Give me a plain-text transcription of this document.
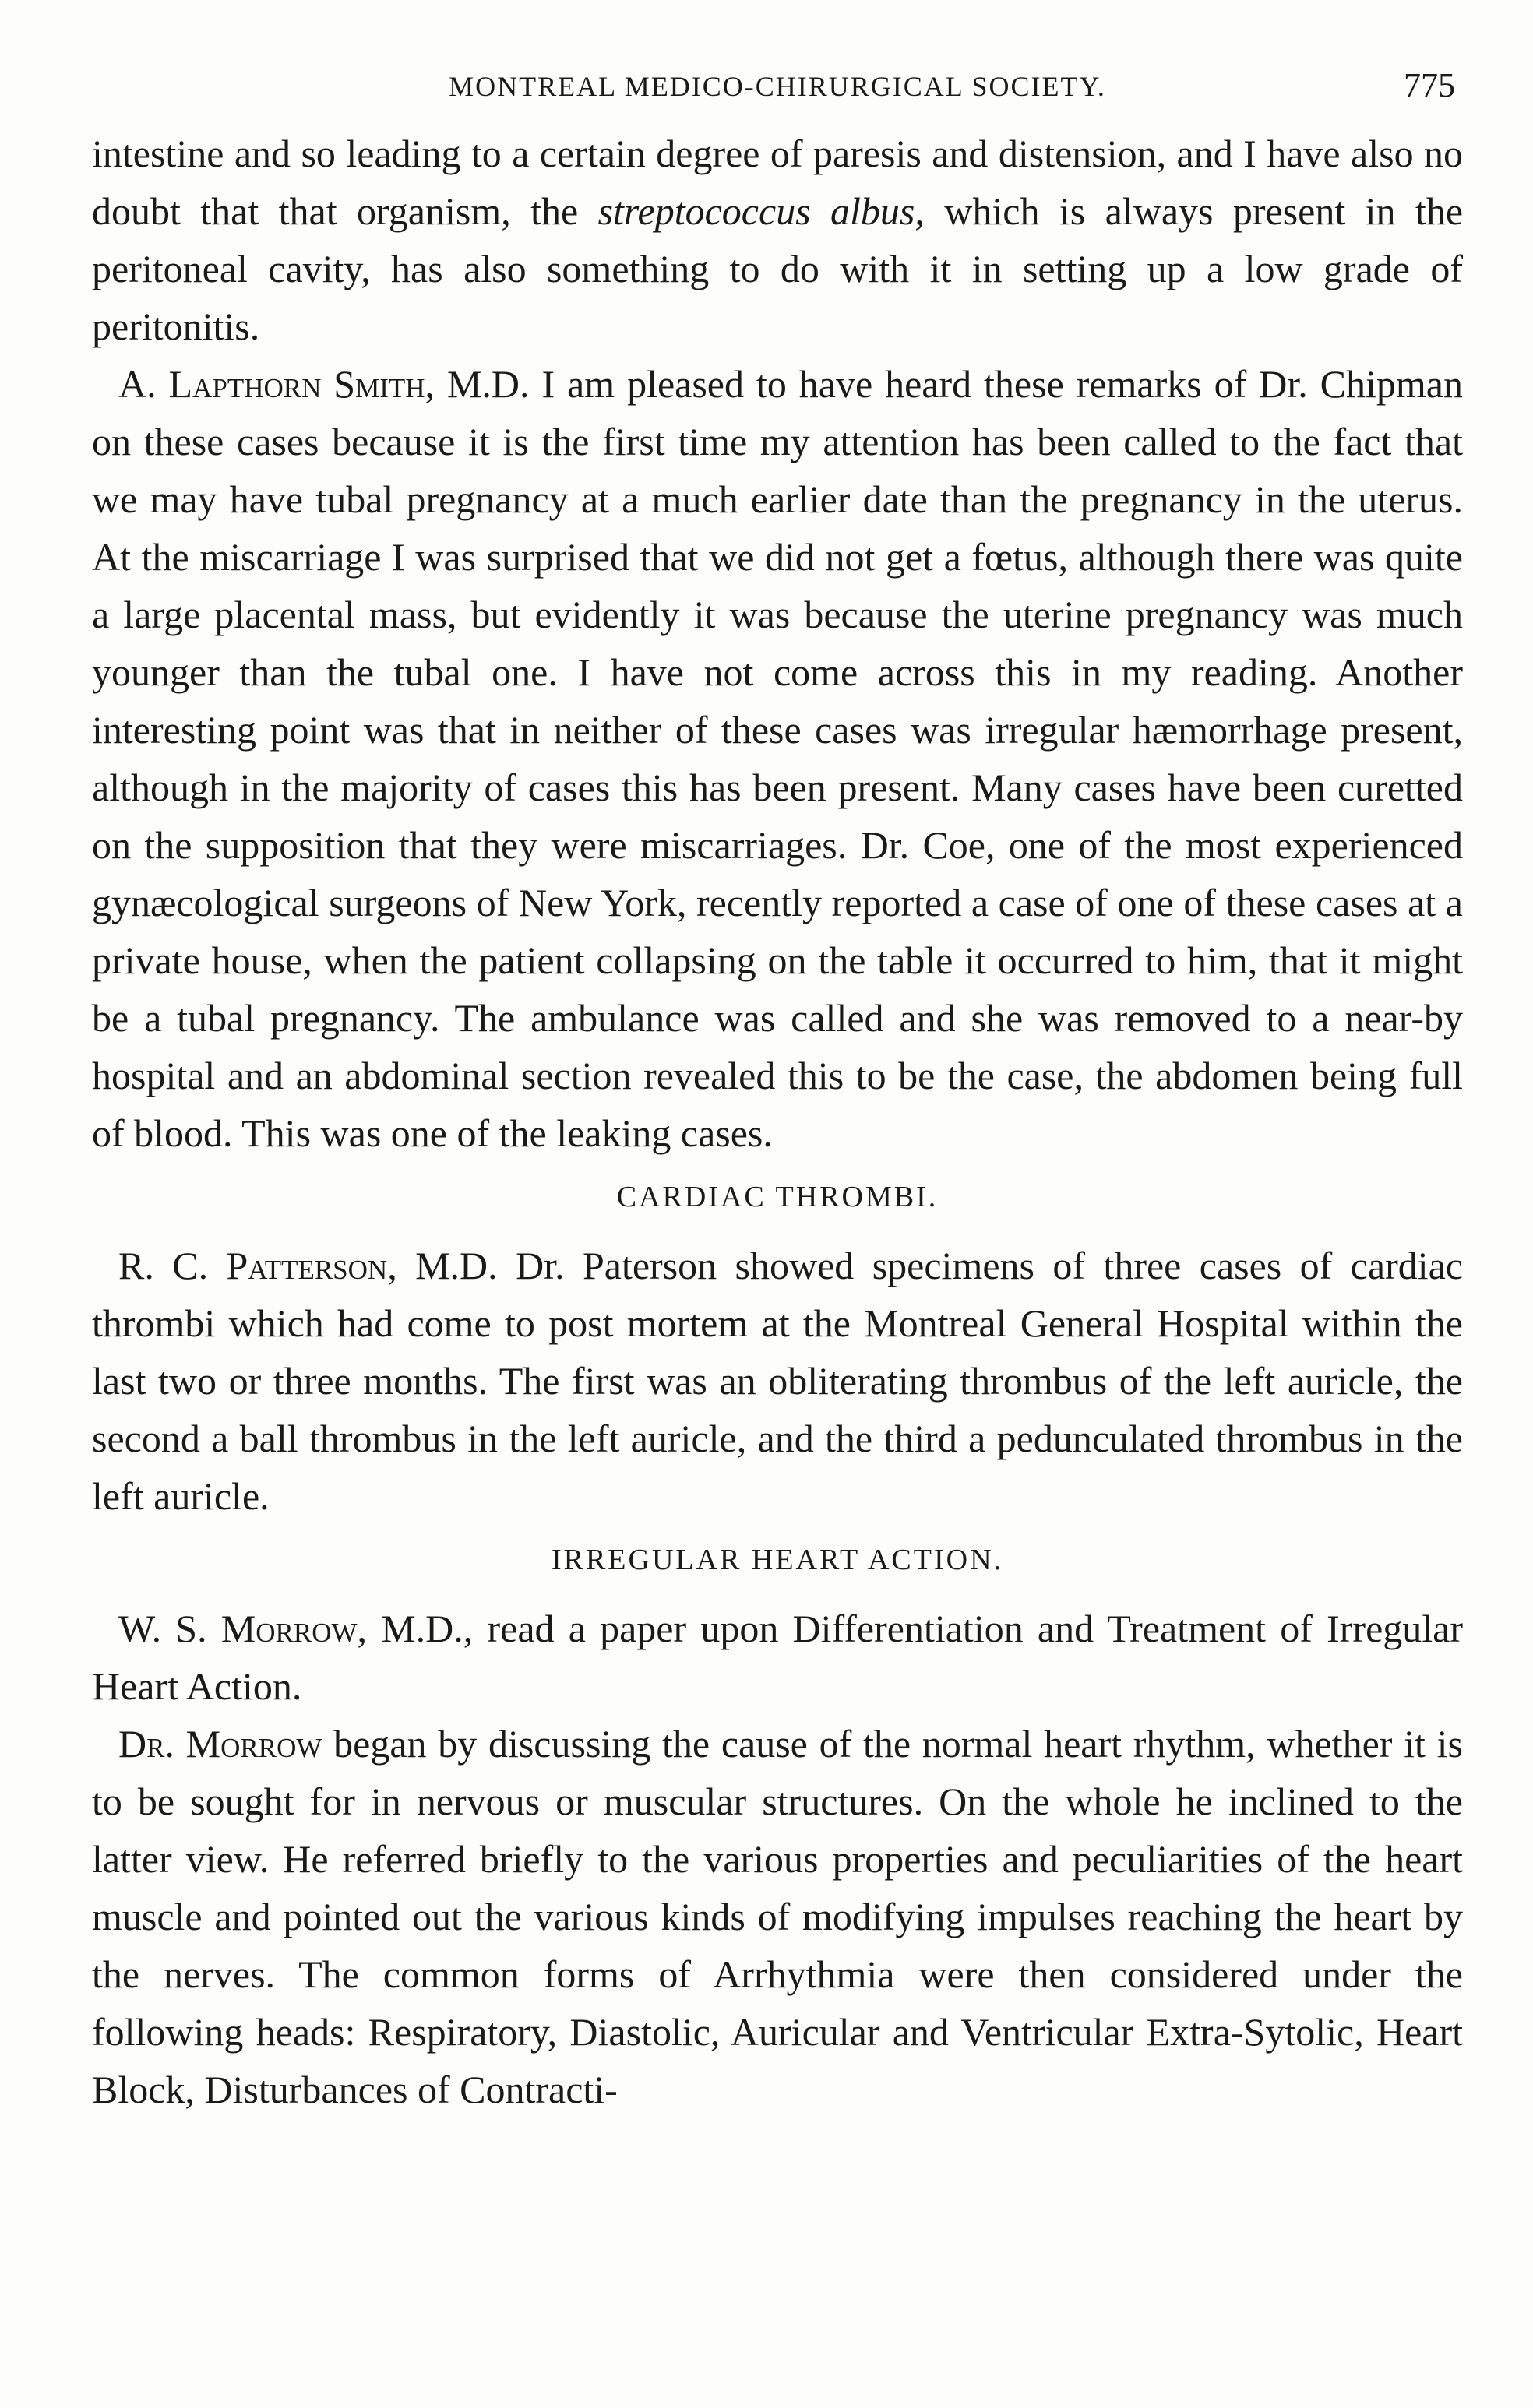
MONTREAL MEDICO-CHIRURGICAL SOCIETY.	775

intestine and so leading to a certain degree of paresis and distension, and I have also no doubt that that organism, the streptococcus albus, which is always present in the peritoneal cavity, has also something to do with it in setting up a low grade of peritonitis.

A. Lapthorn Smith, M.D. I am pleased to have heard these remarks of Dr. Chipman on these cases because it is the first time my attention has been called to the fact that we may have tubal pregnancy at a much earlier date than the pregnancy in the uterus. At the miscarriage I was surprised that we did not get a fœtus, although there was quite a large placental mass, but evidently it was because the uterine pregnancy was much younger than the tubal one. I have not come across this in my reading. Another interesting point was that in neither of these cases was irregular hæmorrhage present, although in the majority of cases this has been present. Many cases have been curetted on the supposition that they were miscarriages. Dr. Coe, one of the most experienced gynæcological surgeons of New York, recently reported a case of one of these cases at a private house, when the patient collapsing on the table it occurred to him, that it might be a tubal pregnancy. The ambulance was called and she was removed to a near-by hospital and an abdominal section revealed this to be the case, the abdomen being full of blood. This was one of the leaking cases.

CARDIAC THROMBI.

R. C. Patterson, M.D. Dr. Paterson showed specimens of three cases of cardiac thrombi which had come to post mortem at the Montreal General Hospital within the last two or three months. The first was an obliterating thrombus of the left auricle, the second a ball thrombus in the left auricle, and the third a pedunculated thrombus in the left auricle.

IRREGULAR HEART ACTION.

W. S. Morrow, M.D., read a paper upon Differentiation and Treatment of Irregular Heart Action.

Dr. Morrow began by discussing the cause of the normal heart rhythm, whether it is to be sought for in nervous or muscular structures. On the whole he inclined to the latter view. He referred briefly to the various properties and peculiarities of the heart muscle and pointed out the various kinds of modifying impulses reaching the heart by the nerves. The common forms of Arrhythmia were then considered under the following heads: Respiratory, Diastolic, Auricular and Ventricular Extra-Sytolic, Heart Block, Disturbances of Contracti-
